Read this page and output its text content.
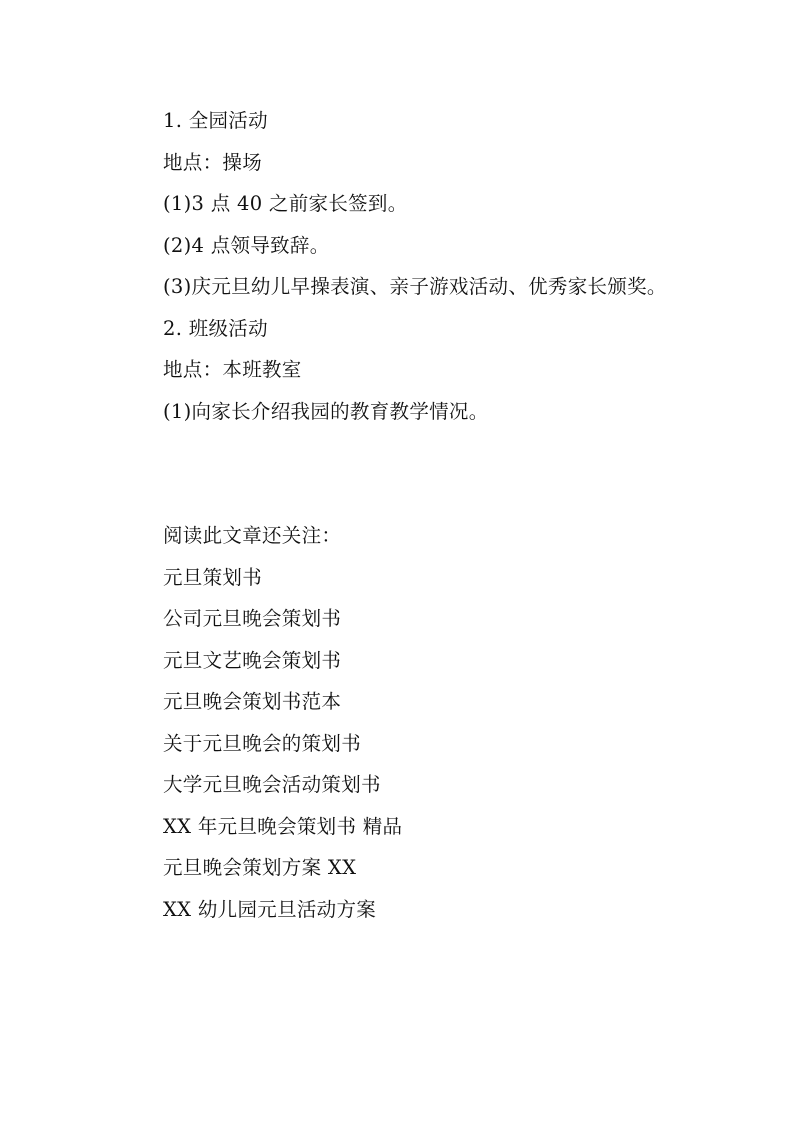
1. 全园活动
地点：操场
(1)3 点 40 之前家长签到。
(2)4 点领导致辞。
(3)庆元旦幼儿早操表演、亲子游戏活动、优秀家长颁奖。
2. 班级活动
地点：本班教室
(1)向家长介绍我园的教育教学情况。
阅读此文章还关注：
元旦策划书
公司元旦晚会策划书
元旦文艺晚会策划书
元旦晚会策划书范本
关于元旦晚会的策划书
大学元旦晚会活动策划书
XX 年元旦晚会策划书 精品
元旦晚会策划方案 XX
XX 幼儿园元旦活动方案
